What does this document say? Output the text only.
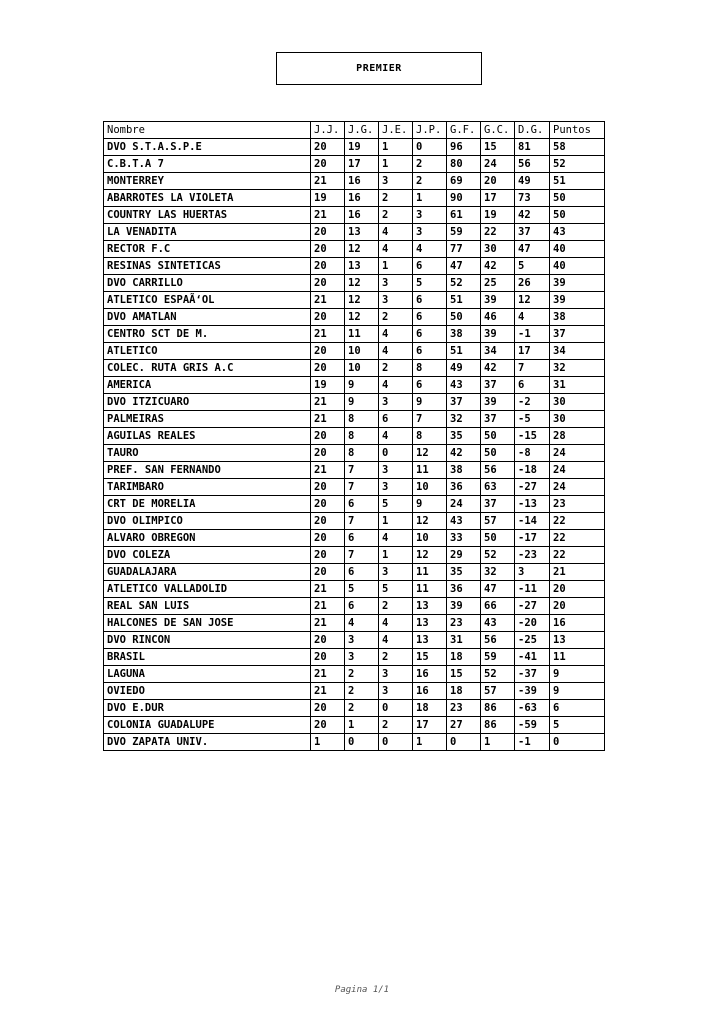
PREMIER
Nombre	J.J.	J.G.	J.E.	J.P.	G.F.	G.C.	D.G.	Puntos
DVO S.T.A.S.P.E	20	19	1	0	96	15	81	58
C.B.T.A 7	20	17	1	2	80	24	56	52
MONTERREY	21	16	3	2	69	20	49	51
ABARROTES LA VIOLETA	19	16	2	1	90	17	73	50
COUNTRY LAS HUERTAS	21	16	2	3	61	19	42	50
LA VENADITA	20	13	4	3	59	22	37	43
RECTOR F.C	20	12	4	4	77	30	47	40
RESINAS SINTETICAS	20	13	1	6	47	42	5	40
DVO CARRILLO	20	12	3	5	52	25	26	39
ATLETICO ESPAÃ‘OL	21	12	3	6	51	39	12	39
DVO AMATLAN	20	12	2	6	50	46	4	38
CENTRO SCT DE M.	21	11	4	6	38	39	-1	37
ATLETICO	20	10	4	6	51	34	17	34
COLEC. RUTA GRIS A.C	20	10	2	8	49	42	7	32
AMERICA	19	9	4	6	43	37	6	31
DVO ITZICUARO	21	9	3	9	37	39	-2	30
PALMEIRAS	21	8	6	7	32	37	-5	30
AGUILAS REALES	20	8	4	8	35	50	-15	28
TAURO	20	8	0	12	42	50	-8	24
PREF. SAN FERNANDO	21	7	3	11	38	56	-18	24
TARIMBARO	20	7	3	10	36	63	-27	24
CRT DE MORELIA	20	6	5	9	24	37	-13	23
DVO OLIMPICO	20	7	1	12	43	57	-14	22
ALVARO OBREGON	20	6	4	10	33	50	-17	22
DVO COLEZA	20	7	1	12	29	52	-23	22
GUADALAJARA	20	6	3	11	35	32	3	21
ATLETICO VALLADOLID	21	5	5	11	36	47	-11	20
REAL SAN LUIS	21	6	2	13	39	66	-27	20
HALCONES DE SAN JOSE	21	4	4	13	23	43	-20	16
DVO RINCON	20	3	4	13	31	56	-25	13
BRASIL	20	3	2	15	18	59	-41	11
LAGUNA	21	2	3	16	15	52	-37	9
OVIEDO	21	2	3	16	18	57	-39	9
DVO E.DUR	20	2	0	18	23	86	-63	6
COLONIA GUADALUPE	20	1	2	17	27	86	-59	5
DVO ZAPATA UNIV.	1	0	0	1	0	1	-1	0
Pagina 1/1
